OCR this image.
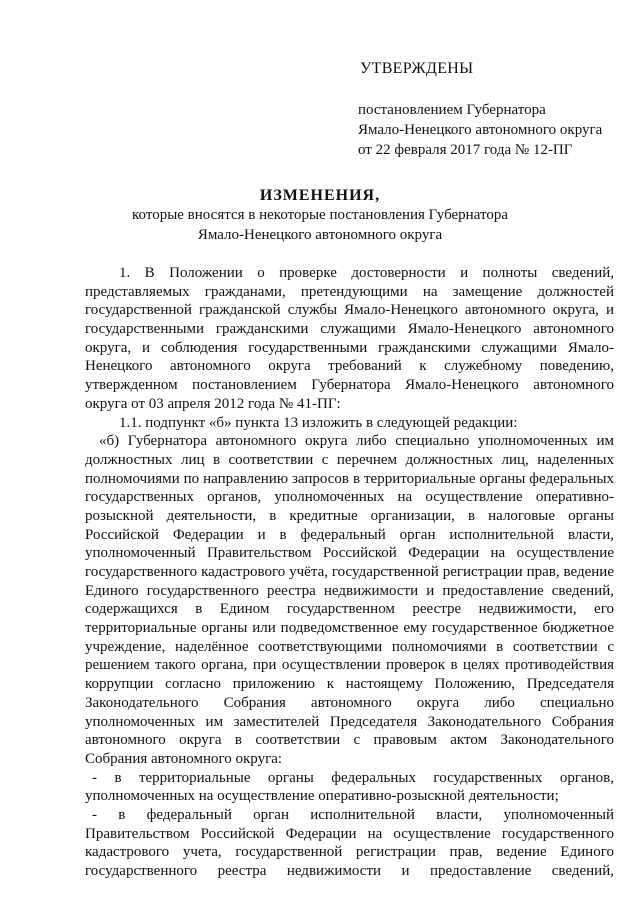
УТВЕРЖДЕНЫ
постановлением Губернатора
Ямало-Ненецкого автономного округа
от 22 февраля 2017 года № 12-ПГ
ИЗМЕНЕНИЯ,
которые вносятся в некоторые постановления Губернатора
Ямало-Ненецкого автономного округа
1. В Положении о проверке достоверности и полноты сведений,
представляемых гражданами, претендующими на замещение должностей
государственной гражданской службы Ямало-Ненецкого автономного округа, и
государственными гражданскими служащими Ямало-Ненецкого автономного
округа, и соблюдения государственными гражданскими служащими Ямало-
Ненецкого автономного округа требований к служебному поведению,
утвержденном постановлением Губернатора Ямало-Ненецкого автономного
округа от 03 апреля 2012 года № 41-ПГ:
1.1. подпункт «б» пункта 13 изложить в следующей редакции:
«б) Губернатора автономного округа либо специально уполномоченных им
должностных лиц в соответствии с перечнем должностных лиц, наделенных
полномочиями по направлению запросов в территориальные органы федеральных
государственных органов, уполномоченных на осуществление оперативно-
розыскной деятельности, в кредитные организации, в налоговые органы
Российской Федерации и в федеральный орган исполнительной власти,
уполномоченный Правительством Российской Федерации на осуществление
государственного кадастрового учёта, государственной регистрации прав, ведение
Единого государственного реестра недвижимости и предоставление сведений,
содержащихся в Едином государственном реестре недвижимости, его
территориальные органы или подведомственное ему государственное бюджетное
учреждение, наделённое соответствующими полномочиями в соответствии с
решением такого органа, при осуществлении проверок в целях противодействия
коррупции согласно приложению к настоящему Положению, Председателя
Законодательного Собрания автономного округа либо специально
уполномоченных им заместителей Председателя Законодательного Собрания
автономного округа в соответствии с правовым актом Законодательного
Собрания автономного округа:
- в территориальные органы федеральных государственных органов,
уполномоченных на осуществление оперативно-розыскной деятельности;
- в федеральный орган исполнительной власти, уполномоченный
Правительством Российской Федерации на осуществление государственного
кадастрового учета, государственной регистрации прав, ведение Единого
государственного реестра недвижимости и предоставление сведений,
